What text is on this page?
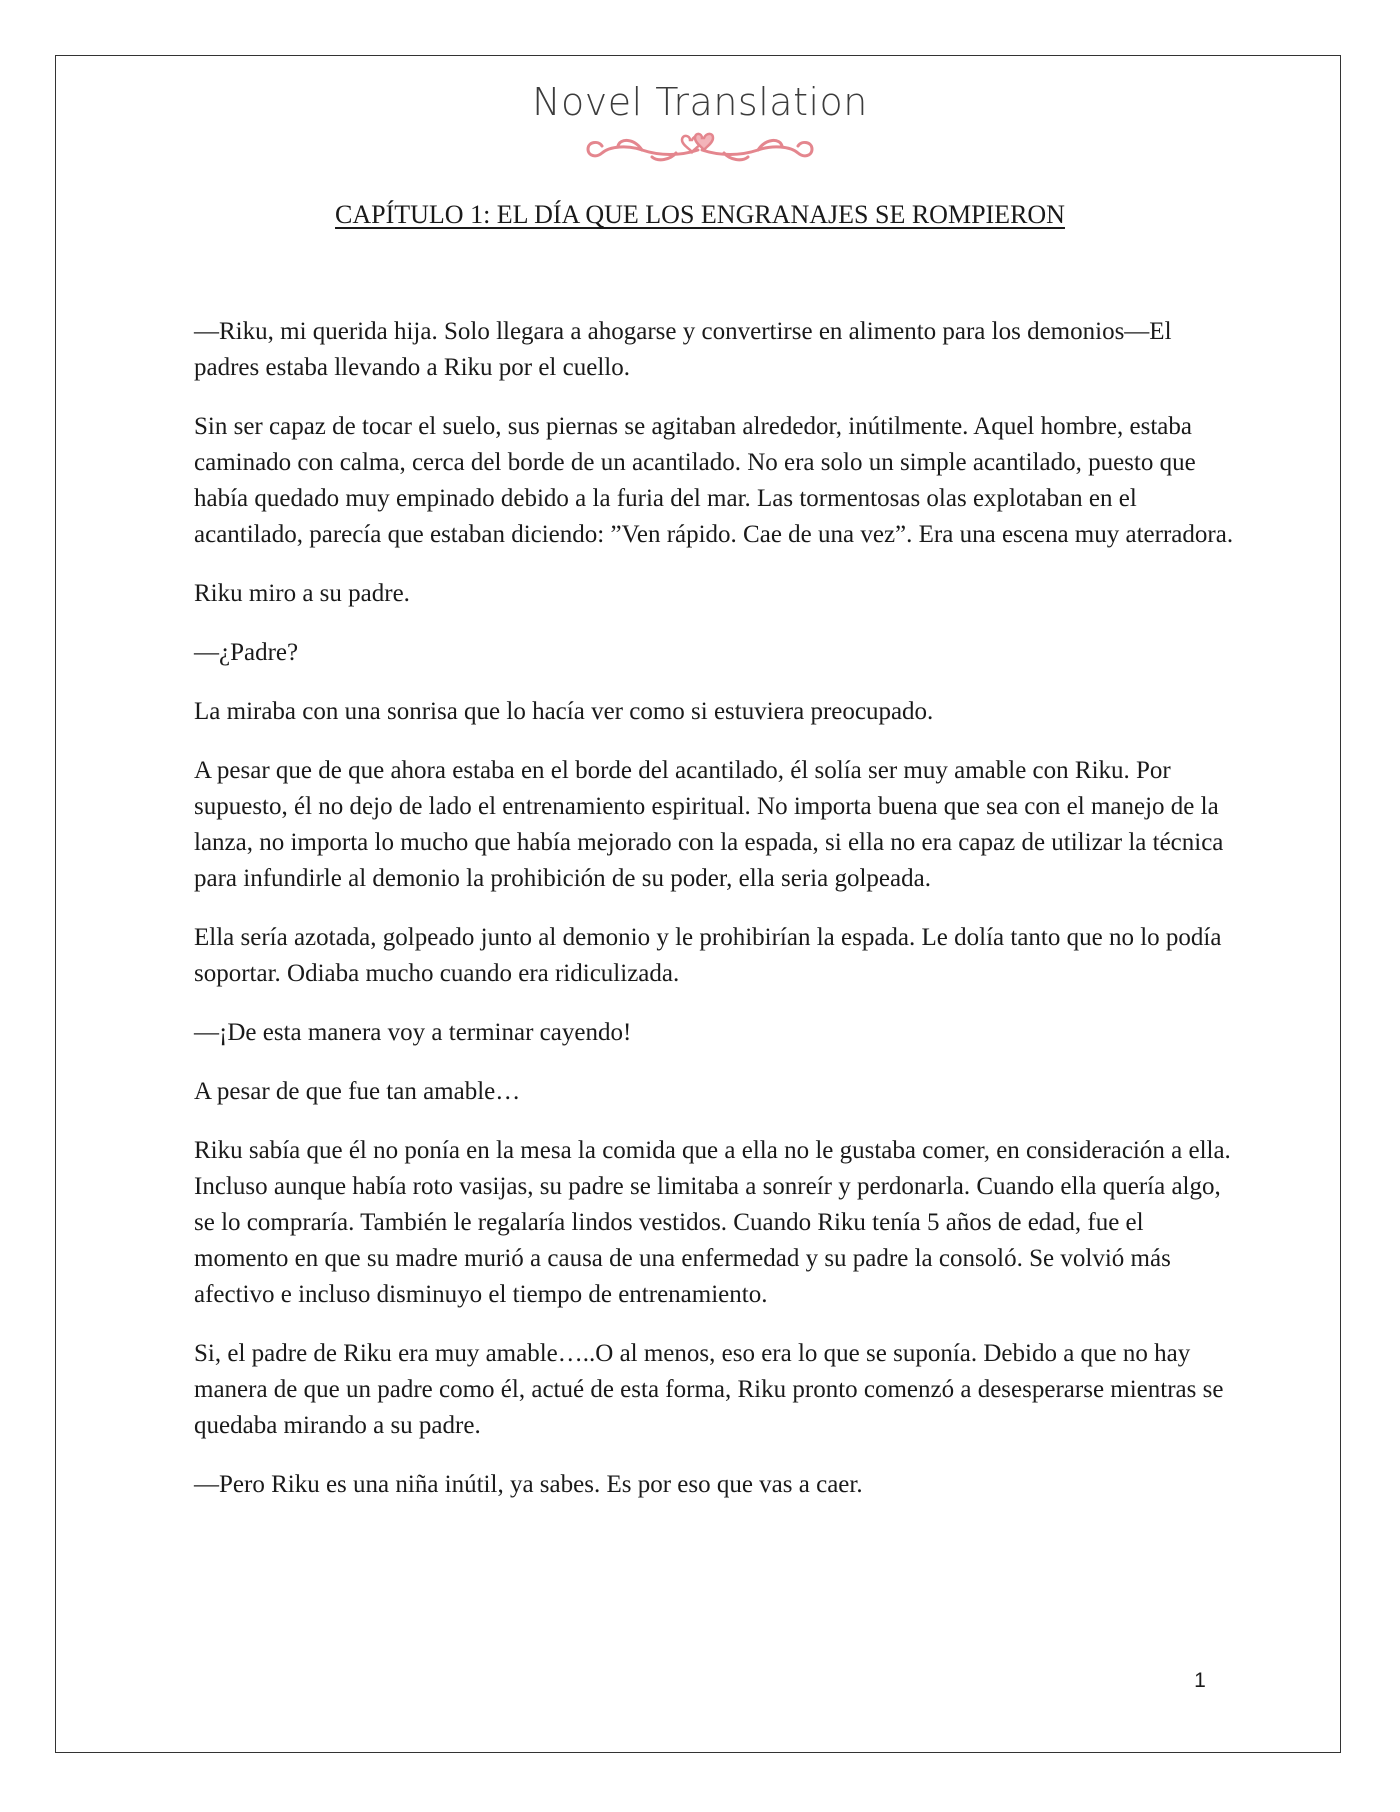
Novel Translation
CAPÍTULO 1: EL DÍA QUE LOS ENGRANAJES SE ROMPIERON

—Riku, mi querida hija. Solo llegara a ahogarse y convertirse en alimento para los demonios—El padres estaba llevando a Riku por el cuello.

Sin ser capaz de tocar el suelo, sus piernas se agitaban alrededor, inútilmente. Aquel hombre, estaba caminado con calma, cerca del borde de un acantilado. No era solo un simple acantilado, puesto que había quedado muy empinado debido a la furia del mar. Las tormentosas olas explotaban en el acantilado, parecía que estaban diciendo: ”Ven rápido. Cae de una vez”. Era una escena muy aterradora.

Riku miro a su padre.

—¿Padre?

La miraba con una sonrisa que lo hacía ver como si estuviera preocupado.

A pesar que de que ahora estaba en el borde del acantilado, él solía ser muy amable con Riku. Por supuesto, él no dejo de lado el entrenamiento espiritual. No importa buena que sea con el manejo de la lanza, no importa lo mucho que había mejorado con la espada, si ella no era capaz de utilizar la técnica para infundirle al demonio la prohibición de su poder, ella seria golpeada.

Ella sería azotada, golpeado junto al demonio y le prohibirían la espada. Le dolía tanto que no lo podía soportar. Odiaba mucho cuando era ridiculizada.

—¡De esta manera voy a terminar cayendo!

A pesar de que fue tan amable…

Riku sabía que él no ponía en la mesa la comida que a ella no le gustaba comer, en consideración a ella. Incluso aunque había roto vasijas, su padre se limitaba a sonreír y perdonarla. Cuando ella quería algo, se lo compraría. También le regalaría lindos vestidos. Cuando Riku tenía 5 años de edad, fue el momento en que su madre murió a causa de una enfermedad y su padre la consoló. Se volvió más afectivo e incluso disminuyo el tiempo de entrenamiento.

Si, el padre de Riku era muy amable…..O al menos, eso era lo que se suponía. Debido a que no hay manera de que un padre como él, actué de esta forma, Riku pronto comenzó a desesperarse mientras se quedaba mirando a su padre.

—Pero Riku es una niña inútil, ya sabes. Es por eso que vas a caer.

1
